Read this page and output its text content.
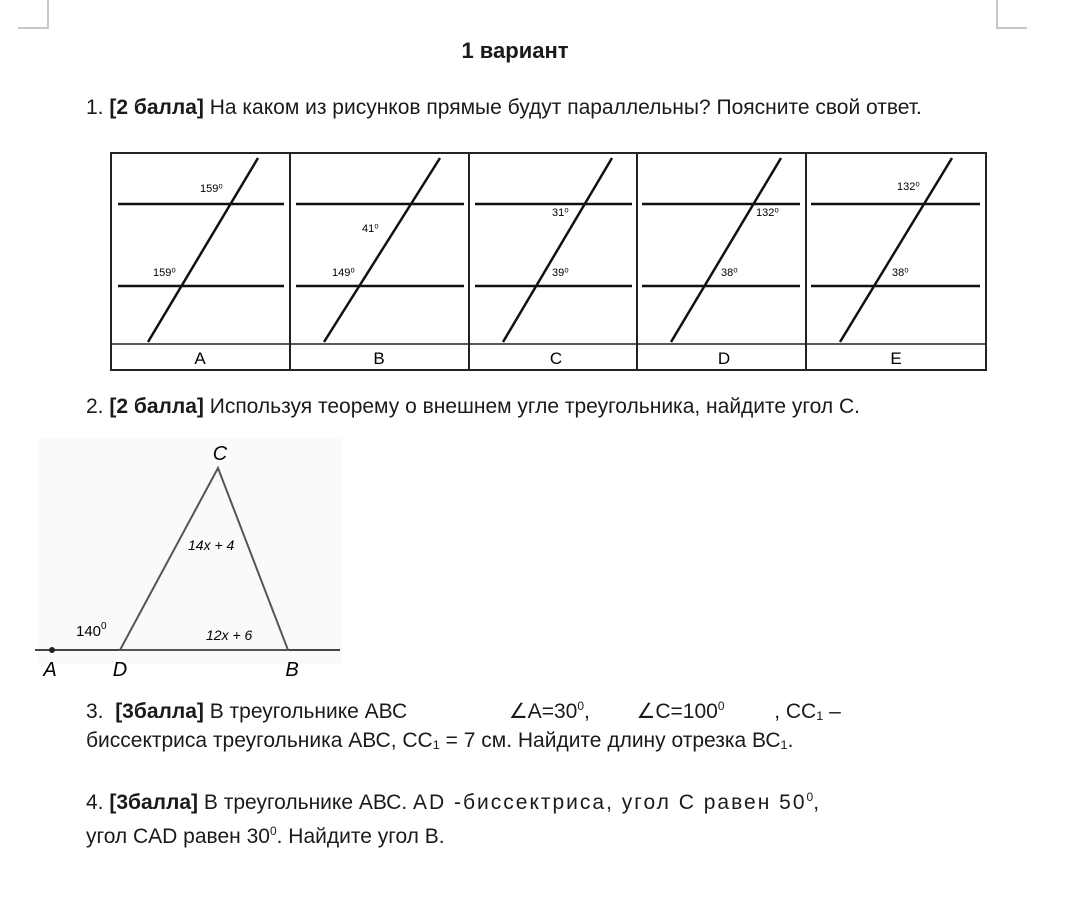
1 вариант
1. [2 балла] На каком из рисунков прямые будут параллельны? Поясните свой ответ.
159⁰
159⁰
A
41⁰
149⁰
B
31⁰
39⁰
C
132⁰
38⁰
D
132⁰
38⁰
E
2. [2 балла] Используя теорему о внешнем угле треугольника, найдите угол С.
C
A	D	B
14x + 4
12x + 6
$140^0$
3. [3балла] В треугольнике АВС	$\angle A=30^0$, $\angle C=100^0$ , CC₁ –
биссектриса треугольника АВС, СС₁ = 7 см. Найдите длину отрезка ВС₁.
4. [3балла] В треугольнике АВС. AD -биссектриса, угол С равен $50^0$,
угол CAD равен $30^0$. Найдите угол В.
